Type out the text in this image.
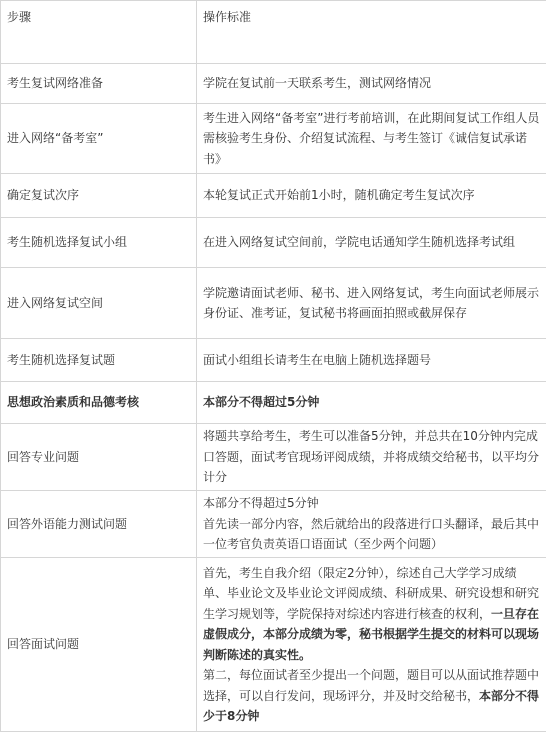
步骤	操作标准
考生复试网络准备	学院在复试前一天联系考生，测试网络情况
进入网络“备考室”	考生进入网络“备考室”进行考前培训，在此期间复试工作组人员需核验考生身份、介绍复试流程、与考生签订《诚信复试承诺书》
确定复试次序	本轮复试正式开始前1小时，随机确定考生复试次序
考生随机选择复试小组	在进入网络复试空间前，学院电话通知学生随机选择考试组
进入网络复试空间	学院邀请面试老师、秘书、进入网络复试，考生向面试老师展示身份证、准考证，复试秘书将画面拍照或截屏保存
考生随机选择复试题	面试小组组长请考生在电脑上随机选择题号
思想政治素质和品德考核	本部分不得超过5分钟
回答专业问题	将题共享给考生，考生可以准备5分钟，并总共在10分钟内完成口答题，面试考官现场评阅成绩，并将成绩交给秘书，以平均分计分
回答外语能力测试问题	本部分不得超过5分钟

首先读一部分内容，然后就给出的段落进行口头翻译，最后其中一位考官负责英语口语面试（至少两个问题）

回答面试问题	首先，考生自我介绍（限定2分钟），综述自己大学学习成绩单、毕业论文及毕业论文评阅成绩、科研成果、研究设想和研究生学习规划等，学院保持对综述内容进行核查的权利，一旦存在虚假成分，本部分成绩为零，秘书根据学生提交的材料可以现场判断陈述的真实性。

第二，每位面试者至少提出一个问题，题目可以从面试推荐题中选择，可以自行发问，现场评分，并及时交给秘书，本部分不得少于8分钟
